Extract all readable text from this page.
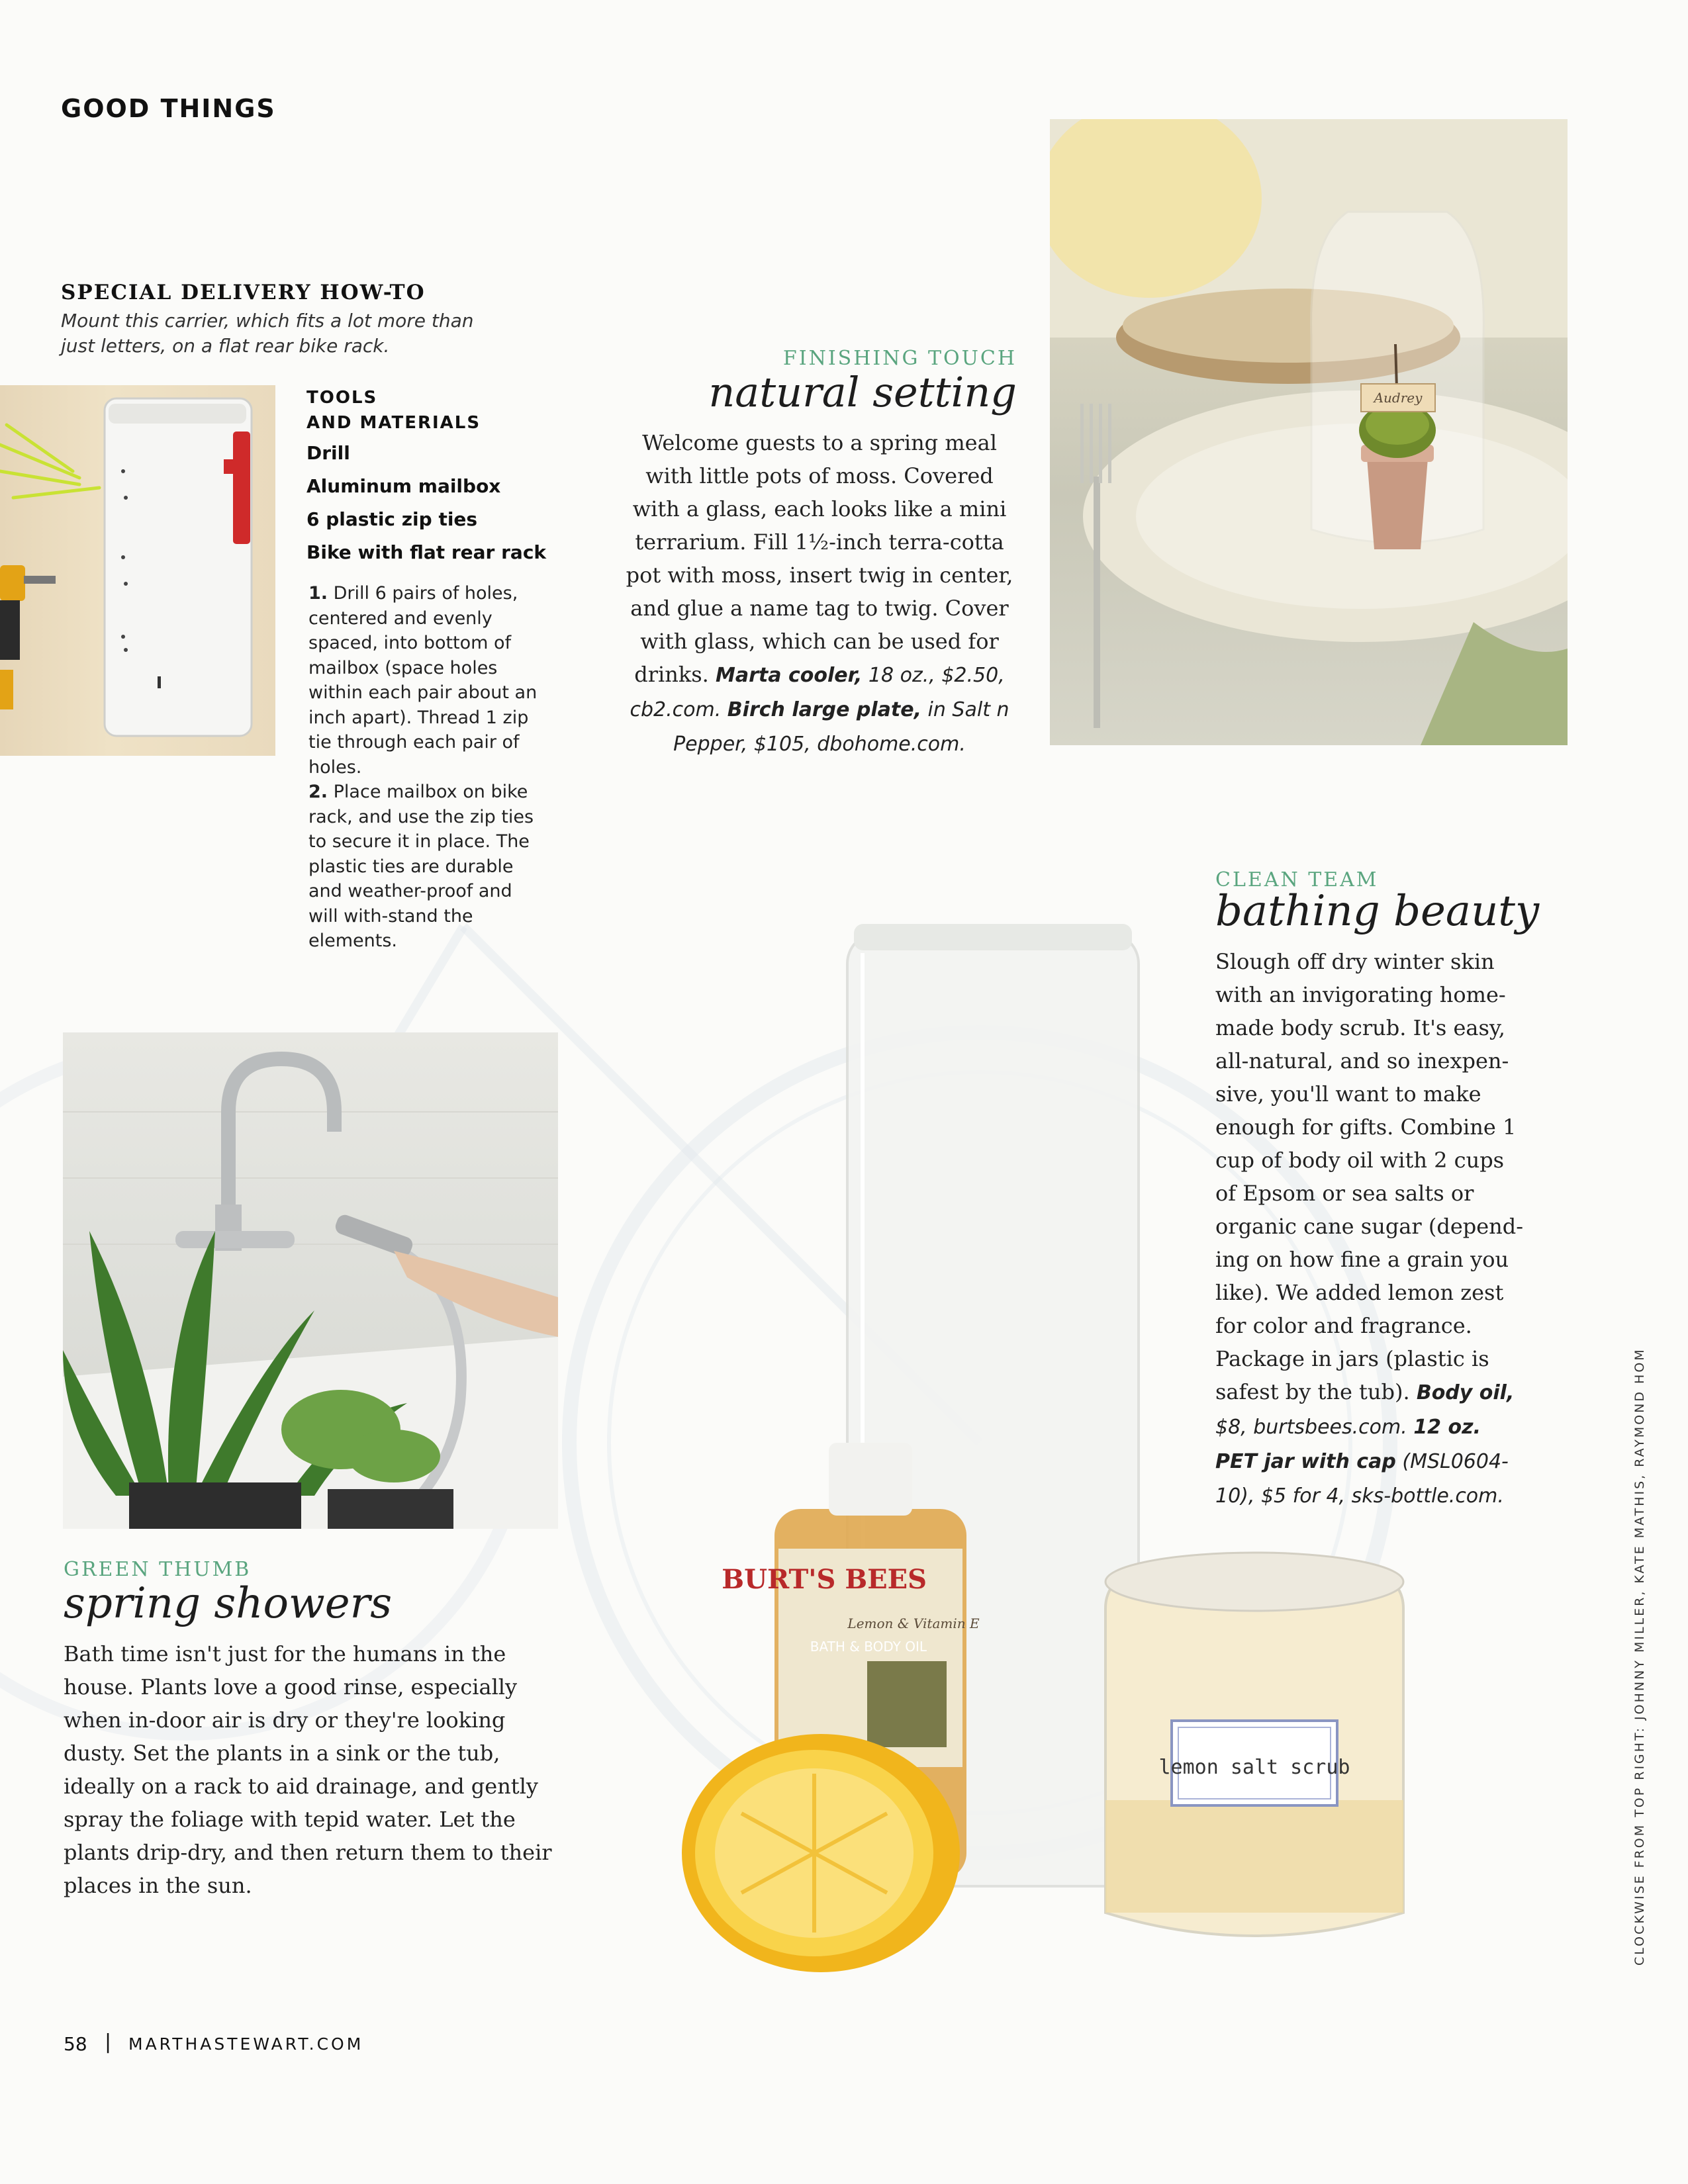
GOOD THINGS
SPECIAL DELIVERY HOW-TO
Mount this carrier, which fits a lot more than just letters, on a flat rear bike rack.
TOOLS
AND MATERIALS
Drill
Aluminum mailbox
6 plastic zip ties
Bike with flat rear rack
1. Drill 6 pairs of holes, centered and evenly spaced, into bottom of mailbox (space holes within each pair about an inch apart). Thread 1 zip tie through each pair of holes.
2. Place mailbox on bike rack, and use the zip ties to secure it in place. The plastic ties are durable and weather-proof and will with-stand the elements.
FINISHING TOUCH
natural setting
Welcome guests to a spring meal with little pots of moss. Covered with a glass, each looks like a mini terrarium. Fill 1½-inch terra-cotta pot with moss, insert twig in center, and glue a name tag to twig. Cover with glass, which can be used for drinks. Marta cooler, 18 oz., $2.50, cb2.com. Birch large plate, in Salt n Pepper, $105, dbohome.com.
Audrey
BURT'S BEES
Lemon & Vitamin E
BATH & BODY OIL
lemon salt scrub
CLEAN TEAM
bathing beauty
Slough off dry winter skin with an invigorating home-made body scrub. It's easy, all-natural, and so inexpen-sive, you'll want to make enough for gifts. Combine 1 cup of body oil with 2 cups of Epsom or sea salts or organic cane sugar (depend-ing on how fine a grain you like). We added lemon zest for color and fragrance. Package in jars (plastic is safest by the tub). Body oil, $8, burtsbees.com. 12 oz. PET jar with cap (MSL0604-10), $5 for 4, sks-bottle.com.
GREEN THUMB
spring showers
Bath time isn't just for the humans in the house. Plants love a good rinse, especially when in-door air is dry or they're looking dusty. Set the plants in a sink or the tub, ideally on a rack to aid drainage, and gently spray the foliage with tepid water. Let the plants drip-dry, and then return them to their places in the sun.	CLOCKWISE FROM TOP RIGHT: JOHNNY MILLER, KATE MATHIS, RAYMOND HOM
58 | MARTHASTEWART.COM
